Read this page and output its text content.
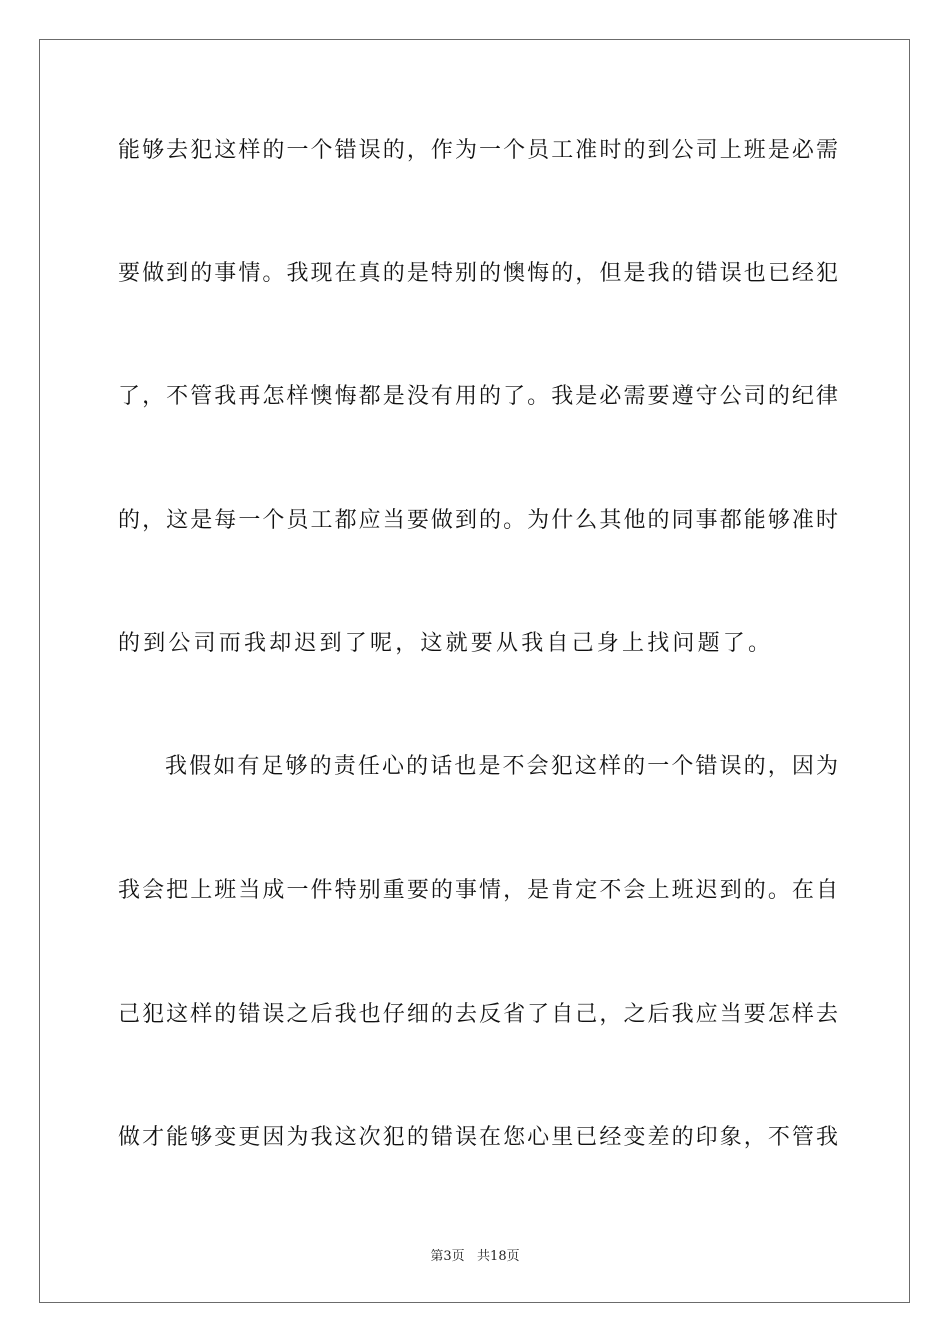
能够去犯这样的一个错误的，作为一个员工准时的到公司上班是必需
要做到的事情。我现在真的是特别的懊悔的，但是我的错误也已经犯
了，不管我再怎样懊悔都是没有用的了。我是必需要遵守公司的纪律
的，这是每一个员工都应当要做到的。为什么其他的同事都能够准时
的到公司而我却迟到了呢，这就要从我自己身上找问题了。
我假如有足够的责任心的话也是不会犯这样的一个错误的，因为
我会把上班当成一件特别重要的事情，是肯定不会上班迟到的。在自
己犯这样的错误之后我也仔细的去反省了自己，之后我应当要怎样去
做才能够变更因为我这次犯的错误在您心里已经变差的印象，不管我
第3页   共18页
